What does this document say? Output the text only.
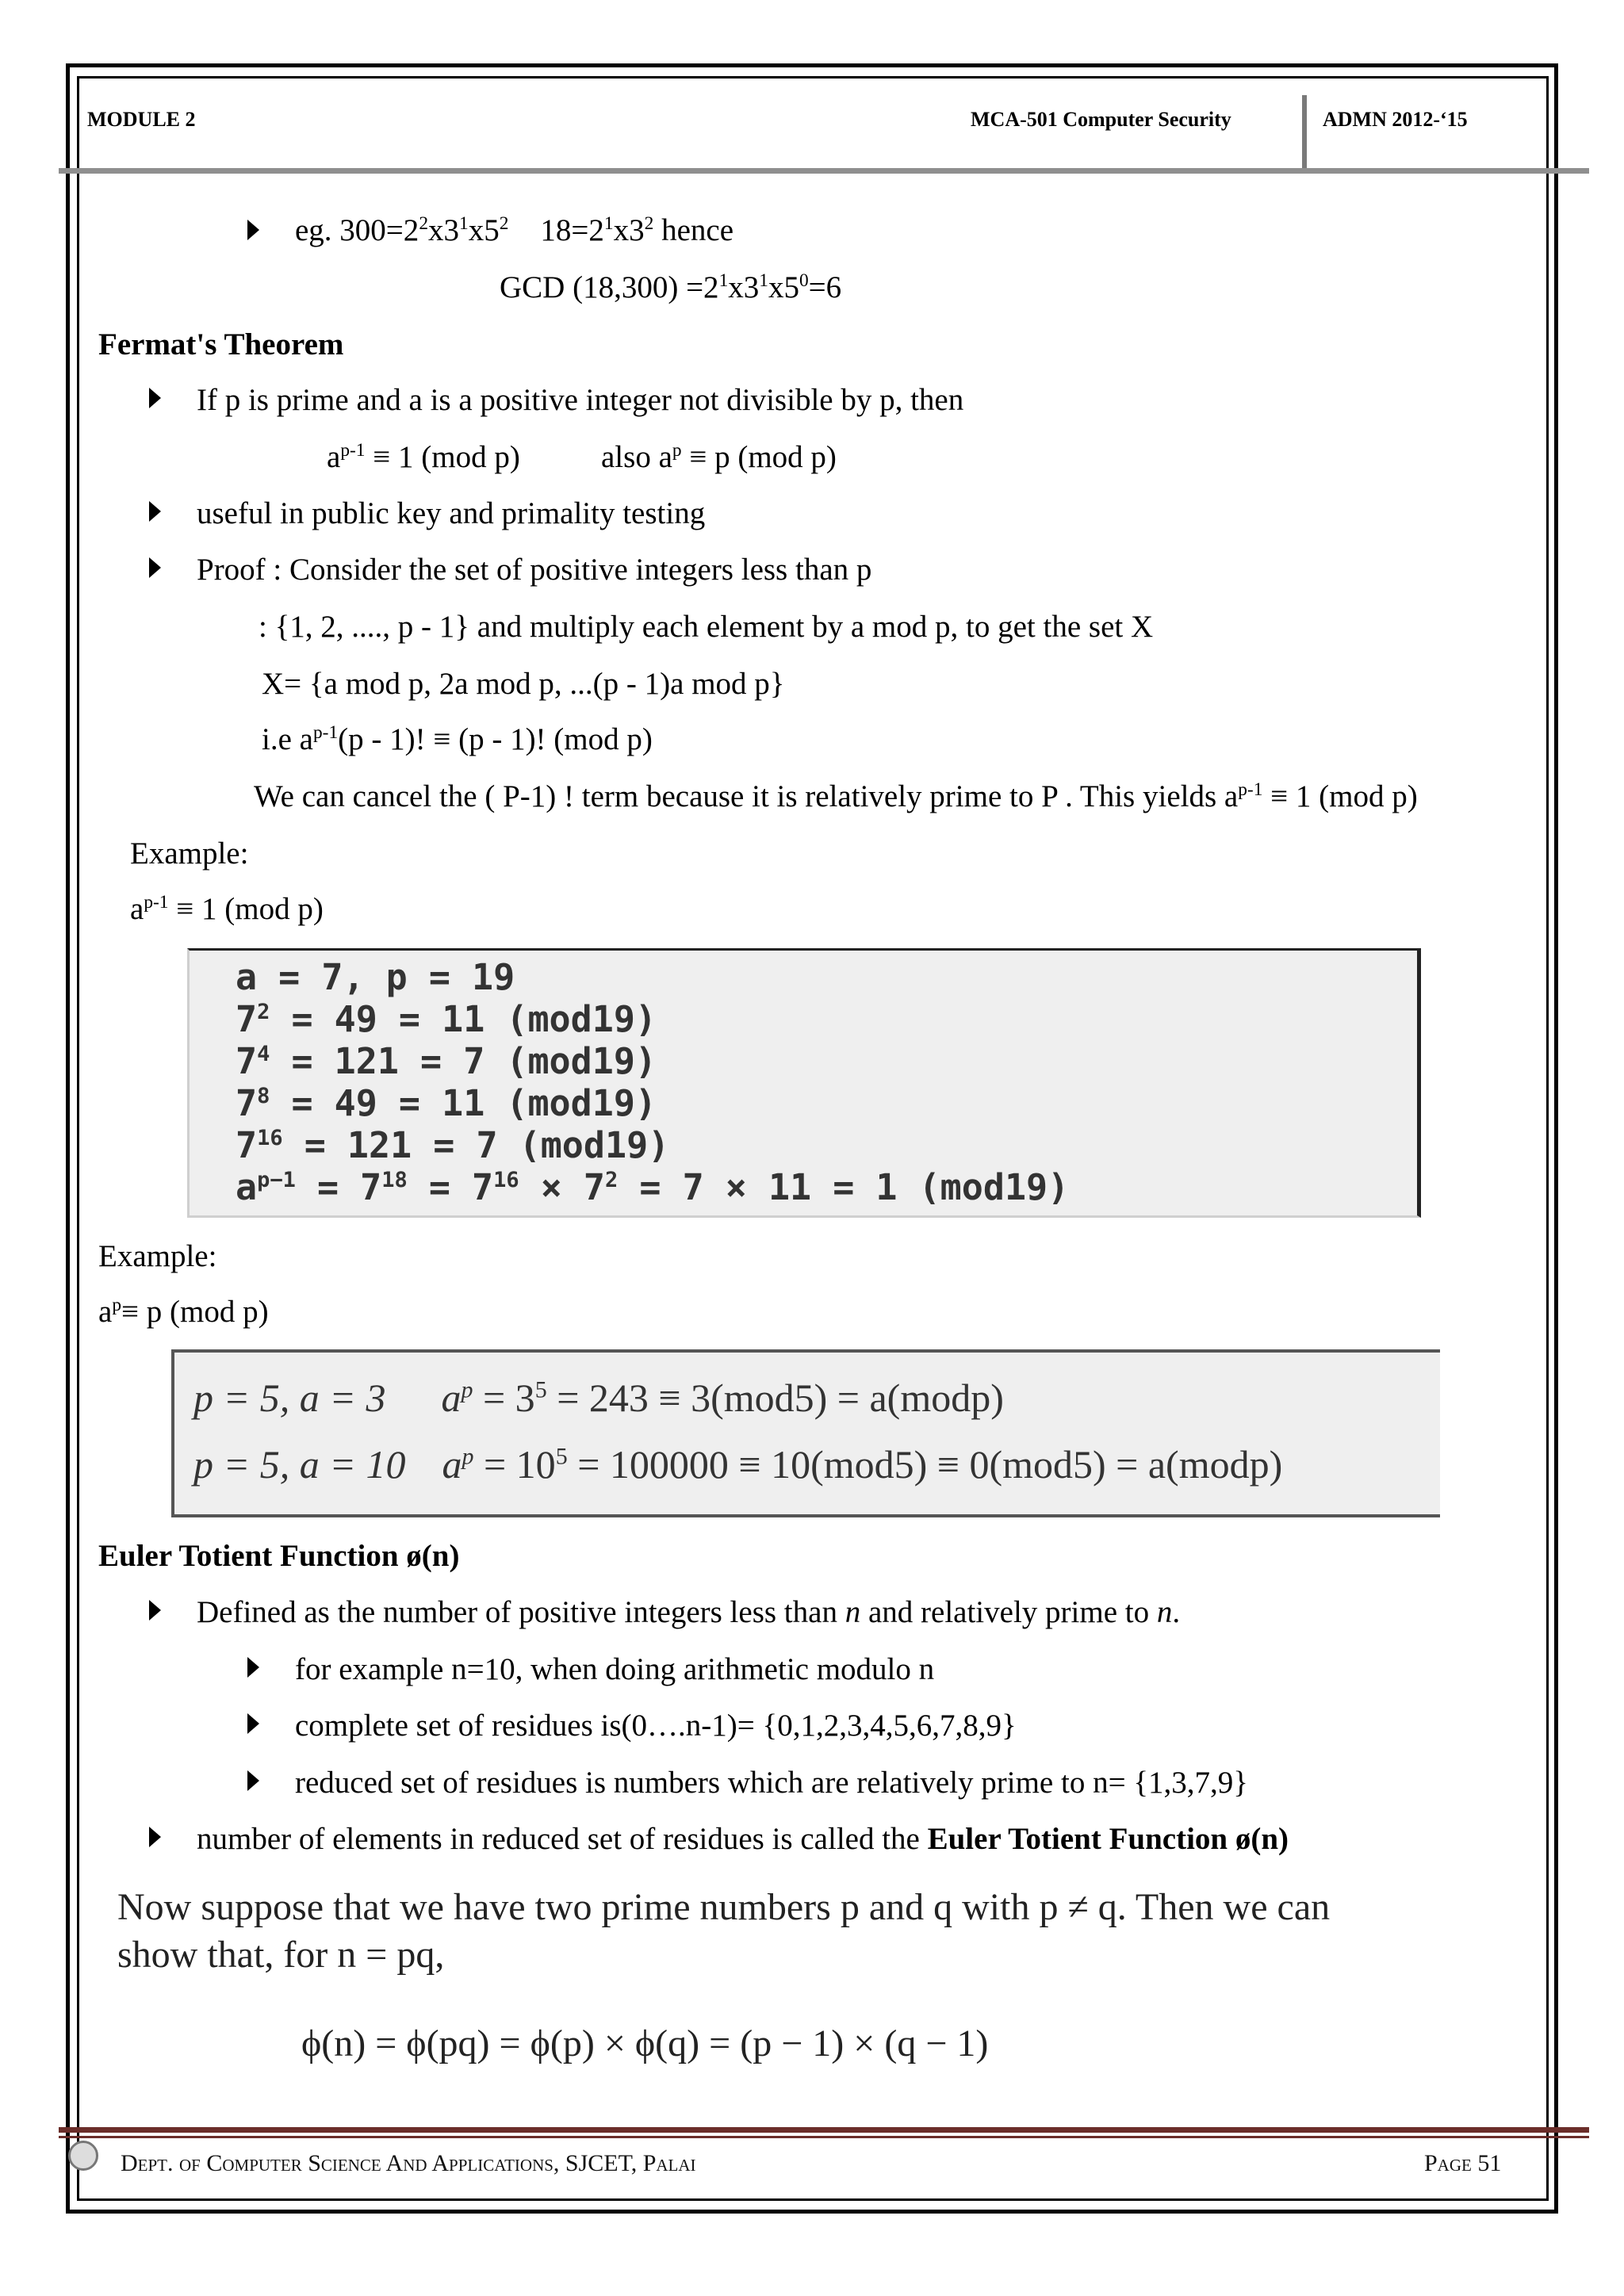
MODULE 2	MCA-501 Computer Security	ADMN 2012-‘15
eg. $300=2^2x3^1x5^2$ $18=2^1x3^2$ hence
GCD $(18,300) =2^1x3^1x5^0=6$
Fermat's Theorem
If p is prime and a is a positive integer not divisible by p, then
$a^{p-1} \equiv 1$ (mod p)	also $a^p \equiv p$ (mod p)
useful in public key and primality testing
Proof : Consider the set of positive integers less than p
: {1, 2, ...., p - 1} and multiply each element by a mod p, to get the set X
X= {a mod p, 2a mod p, ...(p - 1)a mod p}
i.e $a^{p-1}(p - 1)$! ≡ (p - 1)! (mod p)
We can cancel the ( P-1) ! term because it is relatively prime to P . This yields $a^{p-1} \equiv 1$ (mod p)
Example:
$a^{p-1} \equiv 1$ (mod p)
a = 7, p = 19
$7^2 = 49 = 11$ (mod19)
$7^4 = 121 = 7$ (mod19)
$7^8 = 49 = 11$ (mod19)
$7^{16} = 121 = 7$ (mod19)
$a^{p-1} = 7^{18} = 7^{16} \times 7^2 = 7 \times 11 = 1$ (mod19)
Example:
$a^p\equiv p$ (mod p)
p = 5, a = 3 $a^p = 3^5 = 243 \equiv 3(mod5)$ = a(modp)
p = 5, a = 10 $a^p = 10^5 = 100000 \equiv 10(mod5) \equiv 0(mod5)$ = a(modp)
Euler Totient Function ø(n)
Defined as the number of positive integers less than n and relatively prime to n.
for example n=10, when doing arithmetic modulo n
complete set of residues is(0….n-1)= {0,1,2,3,4,5,6,7,8,9}
reduced set of residues is numbers which are relatively prime to n= {1,3,7,9}
number of elements in reduced set of residues is called the Euler Totient Function ø(n)
Now suppose that we have two prime numbers p and q with p ≠ q. Then we can
show that, for n = pq,
ϕ(n) = ϕ(pq) = ϕ(p) × ϕ(q) = (p − 1) × (q − 1)
Dept. of Computer Science And Applications, SJCET, Palai	Page 51
